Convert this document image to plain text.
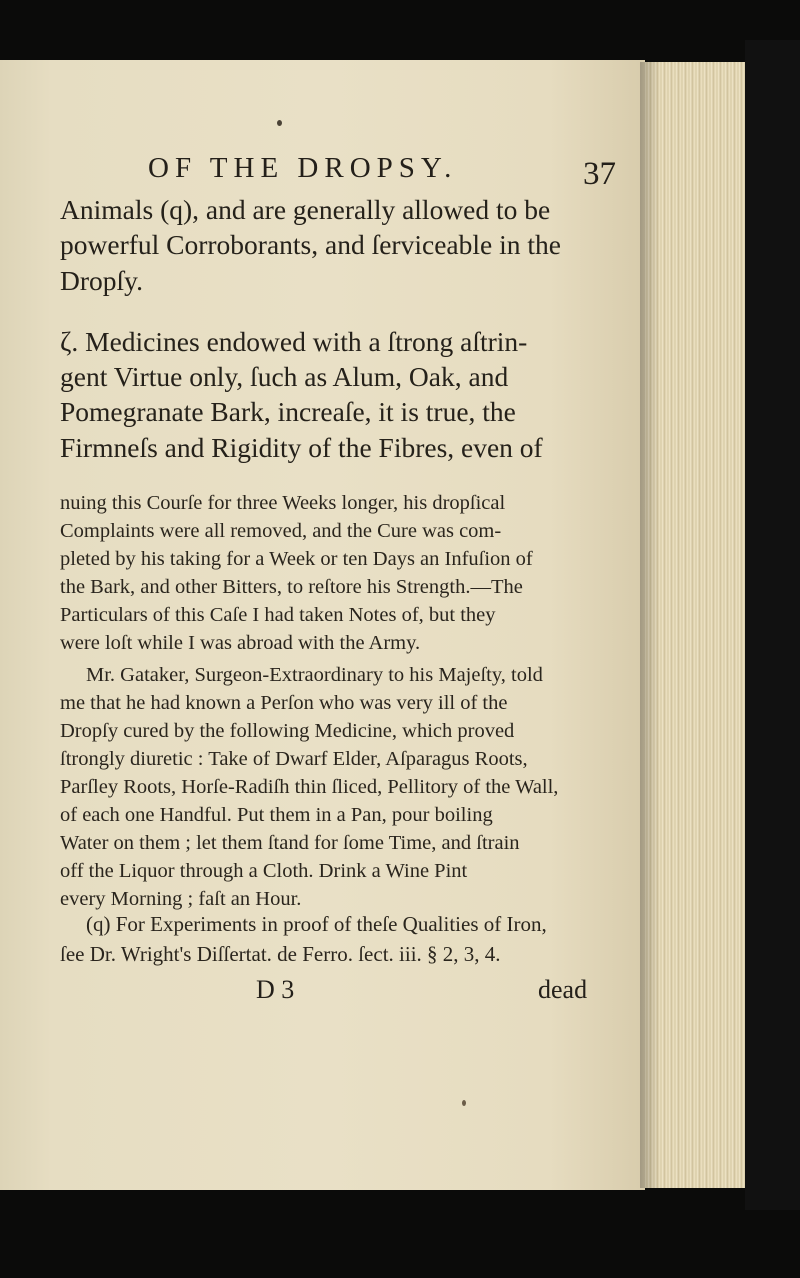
OF THE DROPSY.	37
Animals (q), and are generally allowed to be
powerful Corroborants, and ſerviceable in the
Dropſy.
ζ. Medicines endowed with a ſtrong aſtrin-
gent Virtue only, ſuch as Alum, Oak, and
Pomegranate Bark, increaſe, it is true, the
Firmneſs and Rigidity of the Fibres, even of
nuing this Courſe for three Weeks longer, his dropſical
Complaints were all removed, and the Cure was com-
pleted by his taking for a Week or ten Days an Infuſion of
the Bark, and other Bitters, to reſtore his Strength.—The
Particulars of this Caſe I had taken Notes of, but they
were loſt while I was abroad with the Army.
Mr. Gataker, Surgeon-Extraordinary to his Majeſty, told
me that he had known a Perſon who was very ill of the
Dropſy cured by the following Medicine, which proved
ſtrongly diuretic : Take of Dwarf Elder, Aſparagus Roots,
Parſley Roots, Horſe-Radiſh thin ſliced, Pellitory of the Wall,
of each one Handful. Put them in a Pan, pour boiling
Water on them ; let them ſtand for ſome Time, and ſtrain
off the Liquor through a Cloth. Drink a Wine Pint
every Morning ; faſt an Hour.
(q) For Experiments in proof of theſe Qualities of Iron,
D 3	dead
ſee Dr. Wright's Diſſertat. de Ferro. ſect. iii. § 2, 3, 4.
